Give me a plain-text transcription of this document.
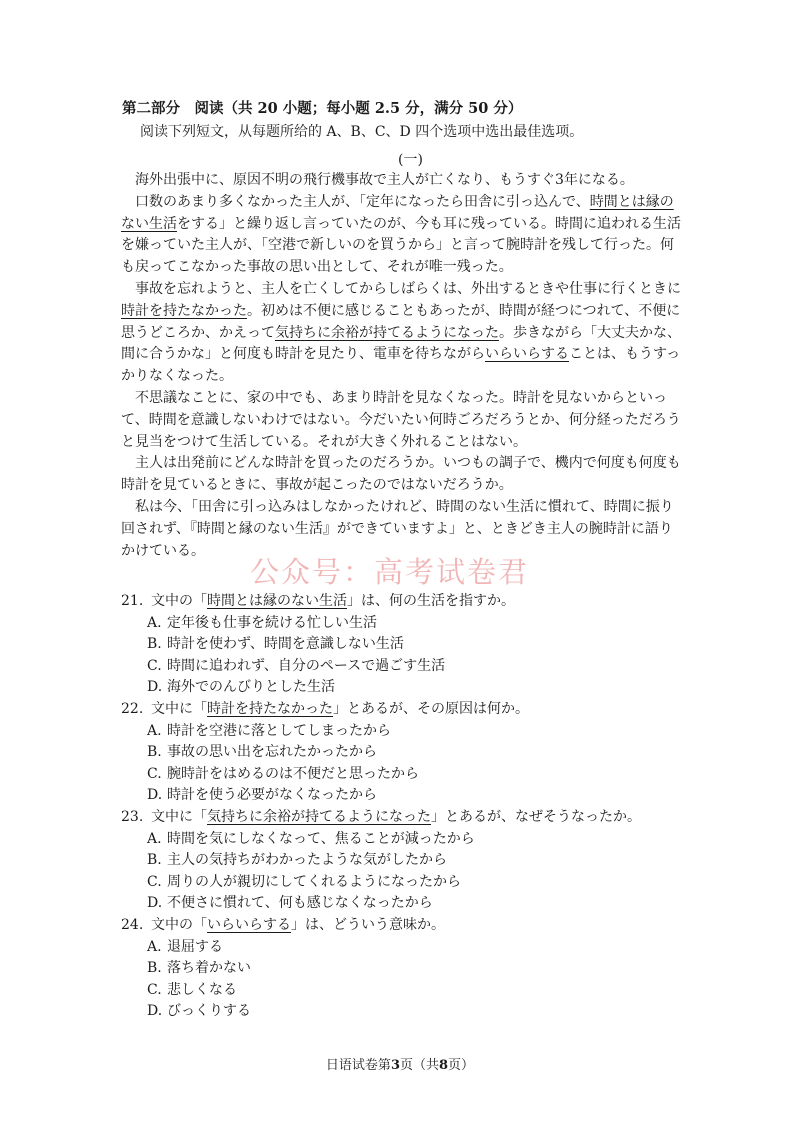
第二部分　阅读（共 20 小题；每小题 2.5 分，满分 50 分）
阅读下列短文，从每题所给的 A、B、C、D 四个选项中选出最佳选项。
(一)

海外出張中に、原因不明の飛行機事故で主人が亡くなり、もうすぐ3年になる。

口数のあまり多くなかった主人が、「定年になったら田舎に引っ込んで、時間とは縁のない生活をする」と繰り返し言っていたのが、今も耳に残っている。時間に追われる生活を嫌っていた主人が、「空港で新しいのを買うから」と言って腕時計を残して行った。何も戻ってこなかった事故の思い出として、それが唯一残った。

事故を忘れようと、主人を亡くしてからしばらくは、外出するときや仕事に行くときに時計を持たなかった。初めは不便に感じることもあったが、時間が経つにつれて、不便に思うどころか、かえって気持ちに余裕が持てるようになった。歩きながら「大丈夫かな、間に合うかな」と何度も時計を見たり、電車を待ちながらいらいらすることは、もうすっかりなくなった。

不思議なことに、家の中でも、あまり時計を見なくなった。時計を見ないからといって、時間を意識しないわけではない。今だいたい何時ごろだろうとか、何分経っただろうと見当をつけて生活している。それが大きく外れることはない。

主人は出発前にどんな時計を買ったのだろうか。いつもの調子で、機内で何度も何度も時計を見ているときに、事故が起こったのではないだろうか。

私は今、「田舎に引っ込みはしなかったけれど、時間のない生活に慣れて、時間に振り回されず、『時間と縁のない生活』ができていますよ」と、ときどき主人の腕時計に語りかけている。

公众号：高考试卷君
21. 文中の「時間とは縁のない生活」は、何の生活を指すか。
A. 定年後も仕事を続ける忙しい生活
B. 時計を使わず、時間を意識しない生活
C. 時間に追われず、自分のペースで過ごす生活
D. 海外でのんびりとした生活
22. 文中に「時計を持たなかった」とあるが、その原因は何か。
A. 時計を空港に落としてしまったから
B. 事故の思い出を忘れたかったから
C. 腕時計をはめるのは不便だと思ったから
D. 時計を使う必要がなくなったから
23. 文中に「気持ちに余裕が持てるようになった」とあるが、なぜそうなったか。
A. 時間を気にしなくなって、焦ることが減ったから
B. 主人の気持ちがわかったような気がしたから
C. 周りの人が親切にしてくれるようになったから
D. 不便さに慣れて、何も感じなくなったから
24. 文中の「いらいらする」は、どういう意味か。
A. 退屈する
B. 落ち着かない
C. 悲しくなる
D. びっくりする
日语试卷第3页（共8页）
